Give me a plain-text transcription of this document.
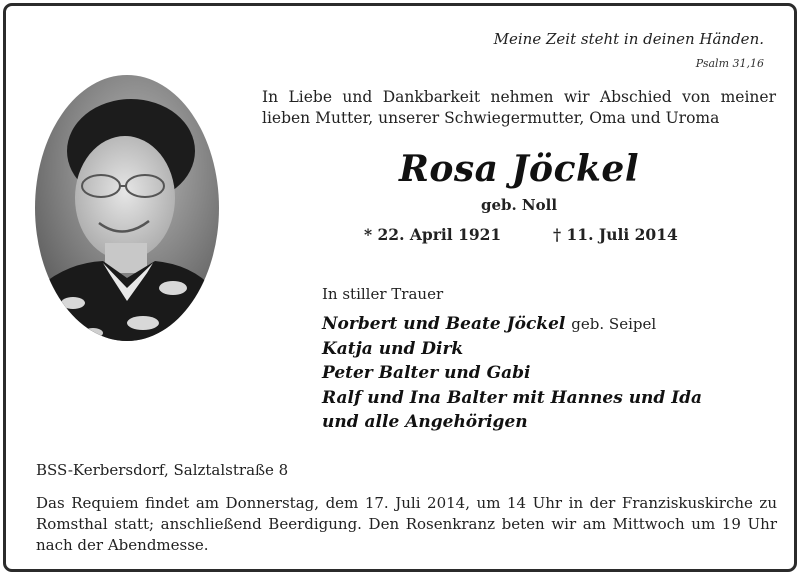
Meine Zeit steht in deinen Händen.
Psalm 31,16
In Liebe und Dankbarkeit nehmen wir Abschied von meiner lieben Mutter, unserer Schwiegermutter, Oma und Uroma
Rosa Jöckel
geb. Noll
* 22. April 1921	† 11. Juli 2014
In stiller Trauer
Norbert und Beate Jöckel geb. Seipel
Katja und Dirk
Peter Balter und Gabi
Ralf und Ina Balter mit Hannes und Ida
und alle Angehörigen
BSS-Kerbersdorf, Salztalstraße 8
Das Requiem findet am Donnerstag, dem 17. Juli 2014, um 14 Uhr in der Franziskuskirche zu Romsthal statt; anschließend Beerdigung. Den Rosenkranz beten wir am Mittwoch um 19 Uhr nach der Abendmesse.
